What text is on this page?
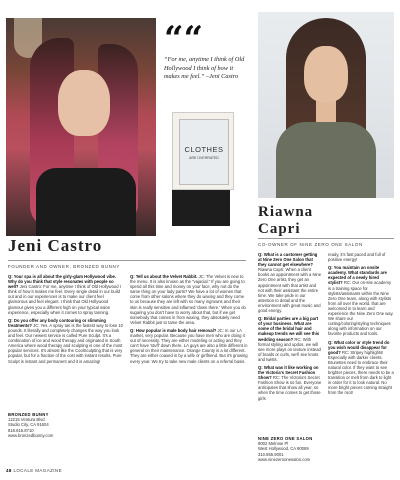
CLOTHES
ARE OVERRATED
““
“For me, anytime I think of Old Hollywood I think of how it makes me feel.” –Jeni Castro
Riawna
Capri
CO-OWNER OF NINE ZERO ONE SALON
Jeni Castro
FOUNDER AND OWNER, BRONZED BUNNY

Q: Your spa is all about the girly-glam Hollywood vibe. Why do you think that style resonates with people so well? Jeni Castro: For me, anytime I think of Old Hollywood I think of how it makes me feel. Every single detail in our build out and in our experiences is to make our client feel glamorous and feel elegant. I think that Old Hollywood glamour gives you a different high on your typical salon experience, especially when it comes to spray tanning.

Q: Do you offer any body contouring or slimming treatments? JC: Yes. A spray tan is the fastest way to lose 10 pounds. It literally and completely changes the way you look and feel. Our newest service is called Pure Sculpt. It's a combination of ice and wood therapy and originated in South America where wood therapy and sculpting is one of the most popular services. It's almost like the CoolSculpting that is very popular, but for a fraction of the cost with instant results. Pure Sculpt is instant and permanent and it is amazing!

Q: Tell us about the Velvet Rabbit. JC: The Velvet is new to the menu. It is also known as the “vajacial.” If you are going to spend all this time and money on your face, why not do the same thing on your lady parts? We have a lot of women that come from other salons where they do waxing and they come to us because they are left with so many ingrowns and their skin is really sensitive and inflamed 'down there.' When you do sugaring you don't have to worry about that, but if we get somebody that comes in from waxing, they absolutely need Velvet Rabbit just to tame the area.

Q: How popular is male body hair removal? JC: In our LA market, very popular. Because you have men who are doing it out of necessity. They are either modeling or acting and they can't have 'stuff' down there. LA guys are also a little different in general on their maintenance. Orange County is a lot different. They are either coaxed in by a wife or girlfriend. But it's growing every year. We try to take new male clients on a referral basis.

BRONZED BUNNY
12215 Ventura Blvd
Studio City, CA 91604
818.616.8710
www.bronzedbunny.com

Q: What is a customer getting at Nine Zero One Salon that they cannot get elsewhere? Riawna Capri: When a client books an appointment with a Nine Zero One artist, they get an appointment with that artist and not with their assistant the entire time. We take pride in our attention to detail and the environment with great music and good energy.

Q: Bridal parties are a big part of your business. What are some of the bridal hair and makeup trends we will see this wedding season? RC: With formal styling and updos, we will see more plays on texture instead of braids or curls, we'll see knots and twists.

Q: What was it like working on the Victoria's Secret Fashion Show? RC: The Victoria's Secret Fashion Show is so fun. Everyone anticipates that show all year, so when the time comes to get those girls

ready, it's fast paced and full of positive energy!

Q: You maintain an onsite academy. What standards are expected of a newly hired stylist? RC: Our on-site academy is a training space for stylists/assistants within the Nine Zero One team, along with stylists from all over the world, that are welcomed in to learn and experience the Nine Zero One way. We share our cutting/coloring/styling techniques along with information on our favorite products and tools.

Q: What color or style trend do you wish would disappear for good? RC: Stripey highlights! Especially with darker clients. Brunettes need to embrace their natural color. If they want to see brighter pieces, there needs to be a transition or melt from dark to light in order for it to look natural. No more bright pieces coming straight from the root!

NINE ZERO ONE SALON
9002 Melrose Pl
West Hollywood, CA 90069
310.855.9001
www.ninezeroonesalon.com
48 LOCALE MAGAZINE
